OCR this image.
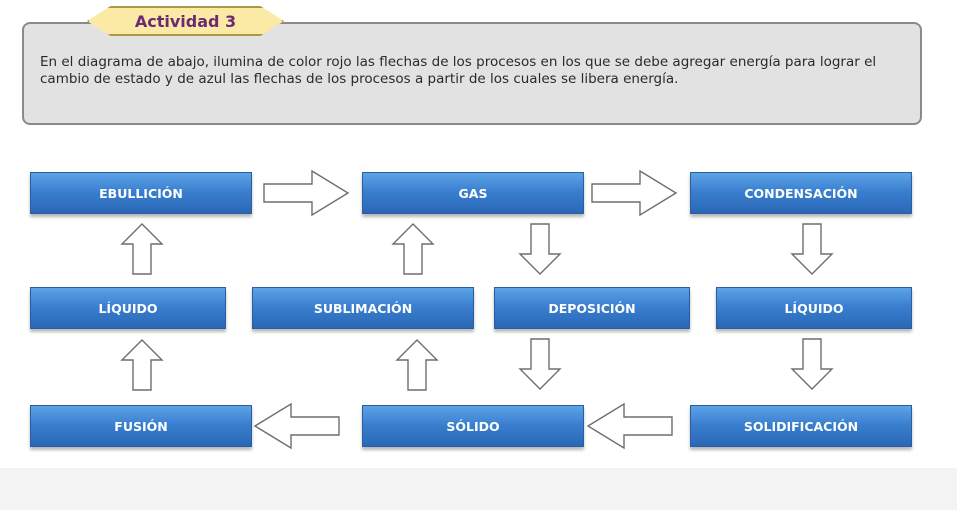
Actividad 3
En el diagrama de abajo, ilumina de color rojo las flechas de los procesos en los que se debe agregar energía para lograr el cambio de estado y de azul las flechas de los procesos a partir de los cuales se libera energía.
EBULLICIÓN	GAS	CONDENSACIÓN
LÍQUIDO	SUBLIMACIÓN	DEPOSICIÓN	LÍQUIDO
FUSIÓN	SÓLIDO	SOLIDIFICACIÓN
